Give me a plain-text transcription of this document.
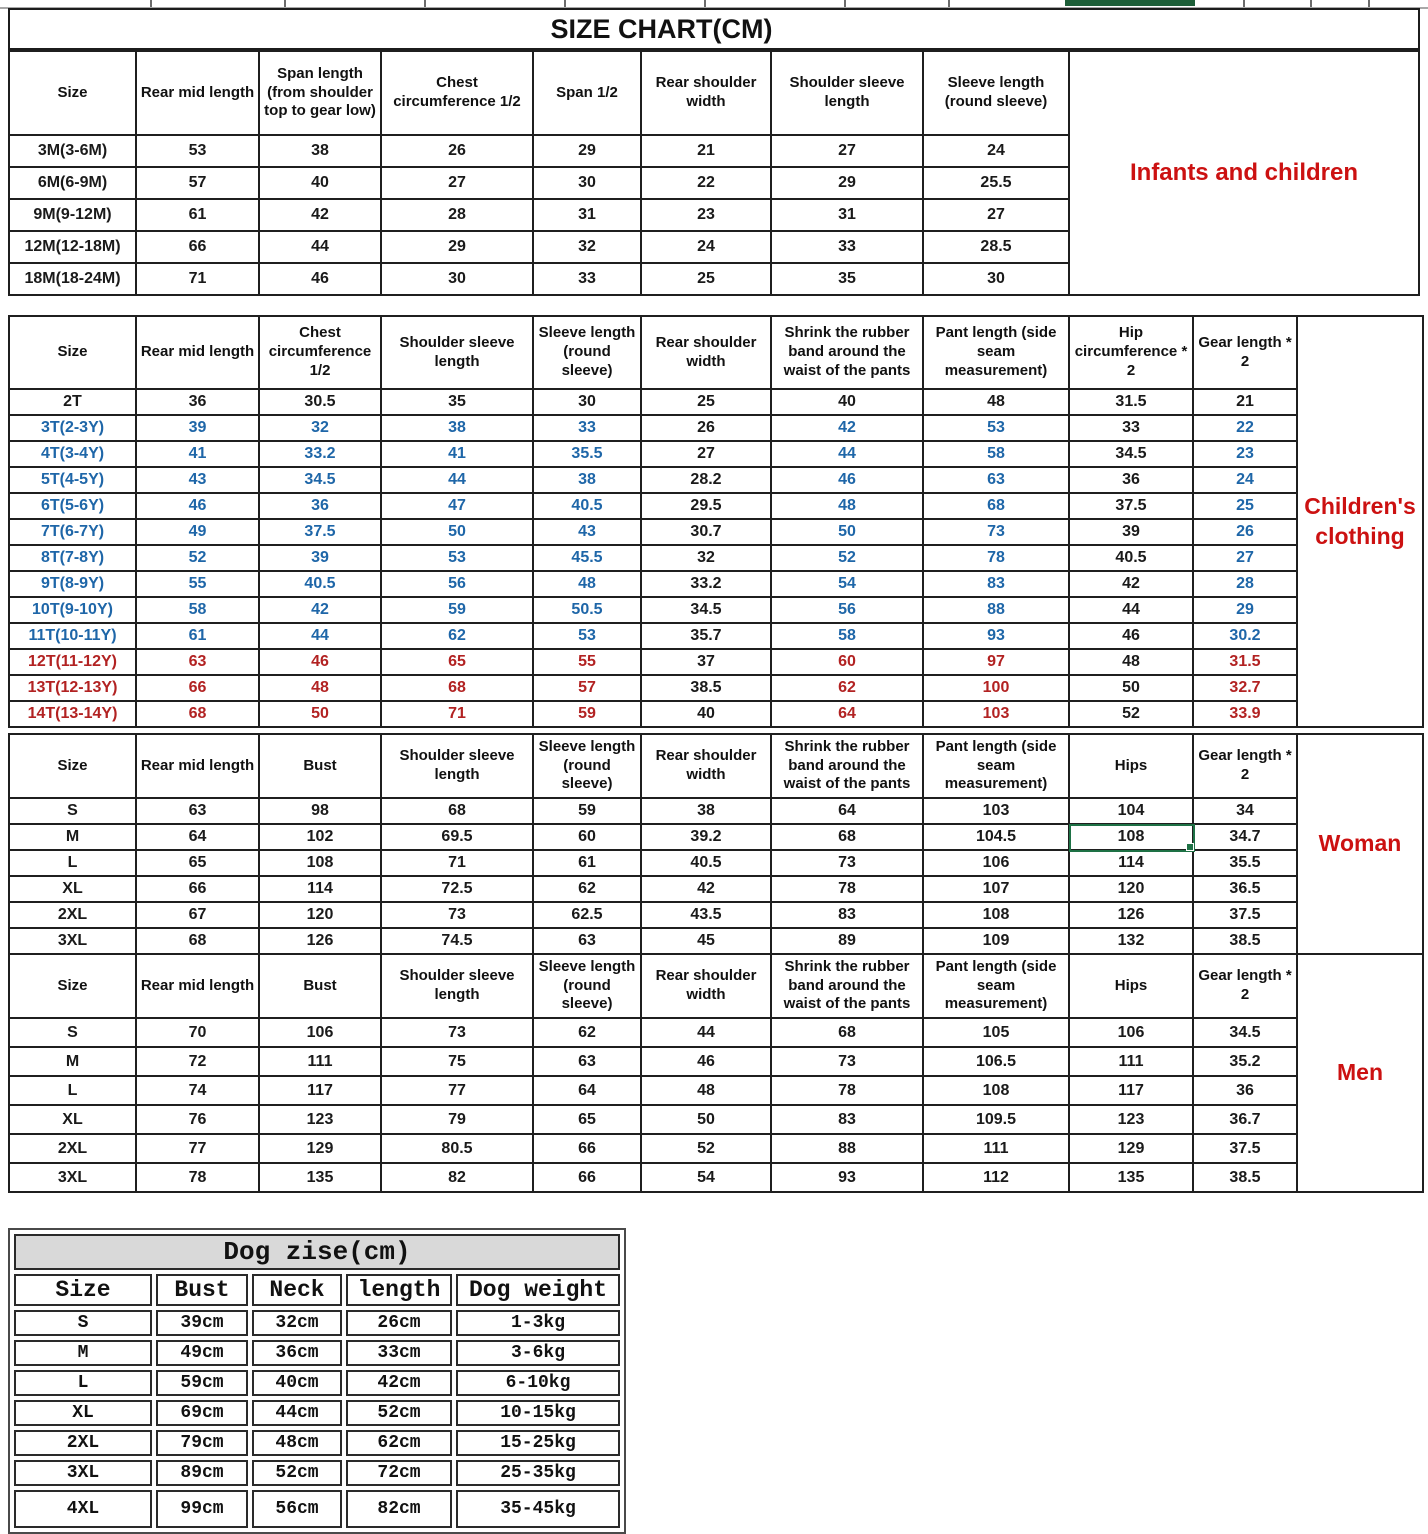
SIZE CHART(CM)
Size	Rear mid length	Span length (from shoulder top to gear low)	Chest circumference 1/2	Span 1/2	Rear shoulder width	Shoulder sleeve length	Sleeve length (round sleeve)
3M(3-6M)	53	38	26	29	21	27	24
6M(6-9M)	57	40	27	30	22	29	25.5
9M(9-12M)	61	42	28	31	23	31	27
12M(12-18M)	66	44	29	32	24	33	28.5
18M(18-24M)	71	46	30	33	25	35	30
Infants and children
Size	Rear mid length	Chest circumference 1/2	Shoulder sleeve length	Sleeve length (round sleeve)	Rear shoulder width	Shrink the rubber band around the waist of the pants	Pant length (side seam measurement)	Hip circumference * 2	Gear length * 2
2T	36	30.5	35	30	25	40	48	31.5	21
3T(2-3Y)	39	32	38	33	26	42	53	33	22
4T(3-4Y)	41	33.2	41	35.5	27	44	58	34.5	23
5T(4-5Y)	43	34.5	44	38	28.2	46	63	36	24
6T(5-6Y)	46	36	47	40.5	29.5	48	68	37.5	25
7T(6-7Y)	49	37.5	50	43	30.7	50	73	39	26
8T(7-8Y)	52	39	53	45.5	32	52	78	40.5	27
9T(8-9Y)	55	40.5	56	48	33.2	54	83	42	28
10T(9-10Y)	58	42	59	50.5	34.5	56	88	44	29
11T(10-11Y)	61	44	62	53	35.7	58	93	46	30.2
12T(11-12Y)	63	46	65	55	37	60	97	48	31.5
13T(12-13Y)	66	48	68	57	38.5	62	100	50	32.7
14T(13-14Y)	68	50	71	59	40	64	103	52	33.9
Children's clothing
Size	Rear mid length	Bust	Shoulder sleeve length	Sleeve length (round sleeve)	Rear shoulder width	Shrink the rubber band around the waist of the pants	Pant length (side seam measurement)	Hips	Gear length * 2
S	63	98	68	59	38	64	103	104	34
M	64	102	69.5	60	39.2	68	104.5	108	34.7
L	65	108	71	61	40.5	73	106	114	35.5
XL	66	114	72.5	62	42	78	107	120	36.5
2XL	67	120	73	62.5	43.5	83	108	126	37.5
3XL	68	126	74.5	63	45	89	109	132	38.5
Size	Rear mid length	Bust	Shoulder sleeve length	Sleeve length (round sleeve)	Rear shoulder width	Shrink the rubber band around the waist of the pants	Pant length (side seam measurement)	Hips	Gear length * 2
S	70	106	73	62	44	68	105	106	34.5
M	72	111	75	63	46	73	106.5	111	35.2
L	74	117	77	64	48	78	108	117	36
XL	76	123	79	65	50	83	109.5	123	36.7
2XL	77	129	80.5	66	52	88	111	129	37.5
3XL	78	135	82	66	54	93	112	135	38.5
Woman
Men
Dog zise(cm)				
Size	Bust	Neck	length	Dog weight
S	39cm	32cm	26cm	1-3kg
M	49cm	36cm	33cm	3-6kg
L	59cm	40cm	42cm	6-10kg
XL	69cm	44cm	52cm	10-15kg
2XL	79cm	48cm	62cm	15-25kg
3XL	89cm	52cm	72cm	25-35kg
4XL	99cm	56cm	82cm	35-45kg
